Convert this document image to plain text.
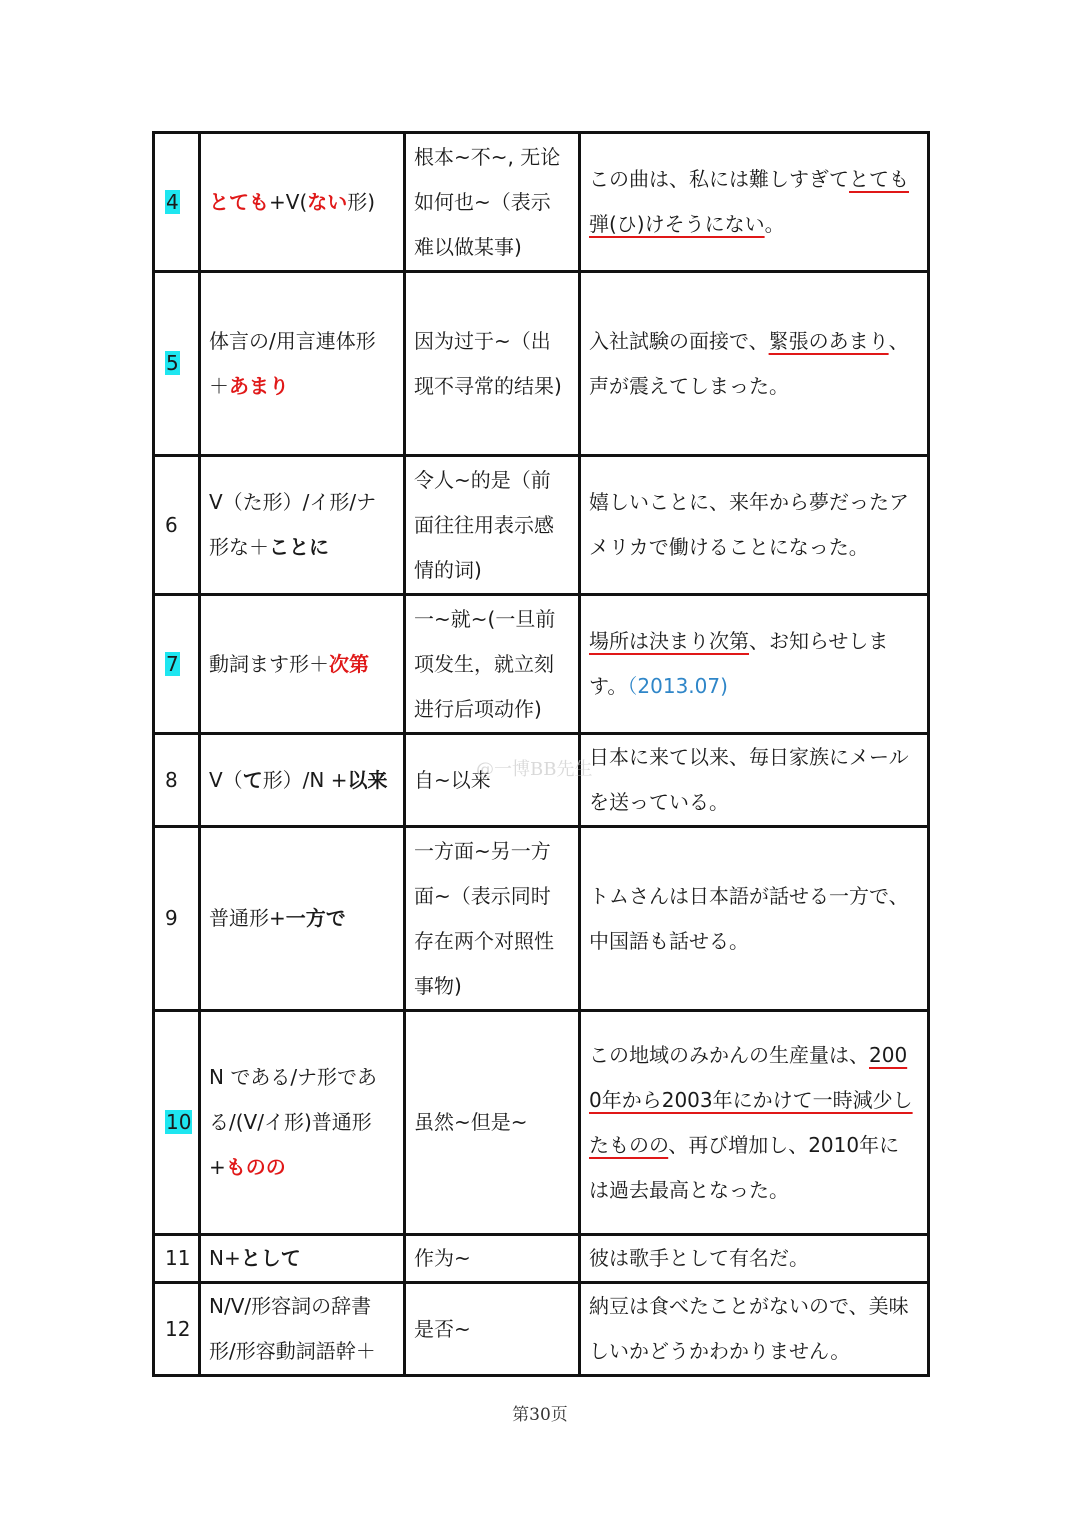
4	とても+V(ない形)	根本~不~, 无论如何也~（表示难以做某事)	この曲は、私には難しすぎてとても弾(ひ)けそうにない。
5	体言の/用言連体形 ＋あまり	因为过于~（出现不寻常的结果)	入社試験の面接で、緊張のあまり、声が震えてしまった。
6	V（た形）/イ形/ナ形な＋ことに	令人~的是（前面往往用表示感情的词)	嬉しいことに、来年から夢だったアメリカで働けることになった。
7	動詞ます形＋次第	一~就~(一旦前项发生，就立刻进行后项动作)	場所は決まり次第、お知らせします。（2013.07)
8	V（て形）/N +以来	自~以来	日本に来て以来、毎日家族にメールを送っている。
9	普通形+一方で	一方面~另一方面~（表示同时存在两个对照性事物)	トムさんは日本語が話せる一方で、中国語も話せる。
10	N である/ナ形である/(V/イ形)普通形 +ものの	虽然~但是~	この地域のみかんの生産量は、2000年から2003年にかけて一時減少したものの、再び増加し、2010年には過去最高となった。
11	N+として	作为~	彼は歌手として有名だ。
12	N/V/形容詞の辞書形/形容動詞語幹＋	是否~	納豆は食べたことがないので、美味しいかどうかわかりません。
@一博BB先生
第30页
